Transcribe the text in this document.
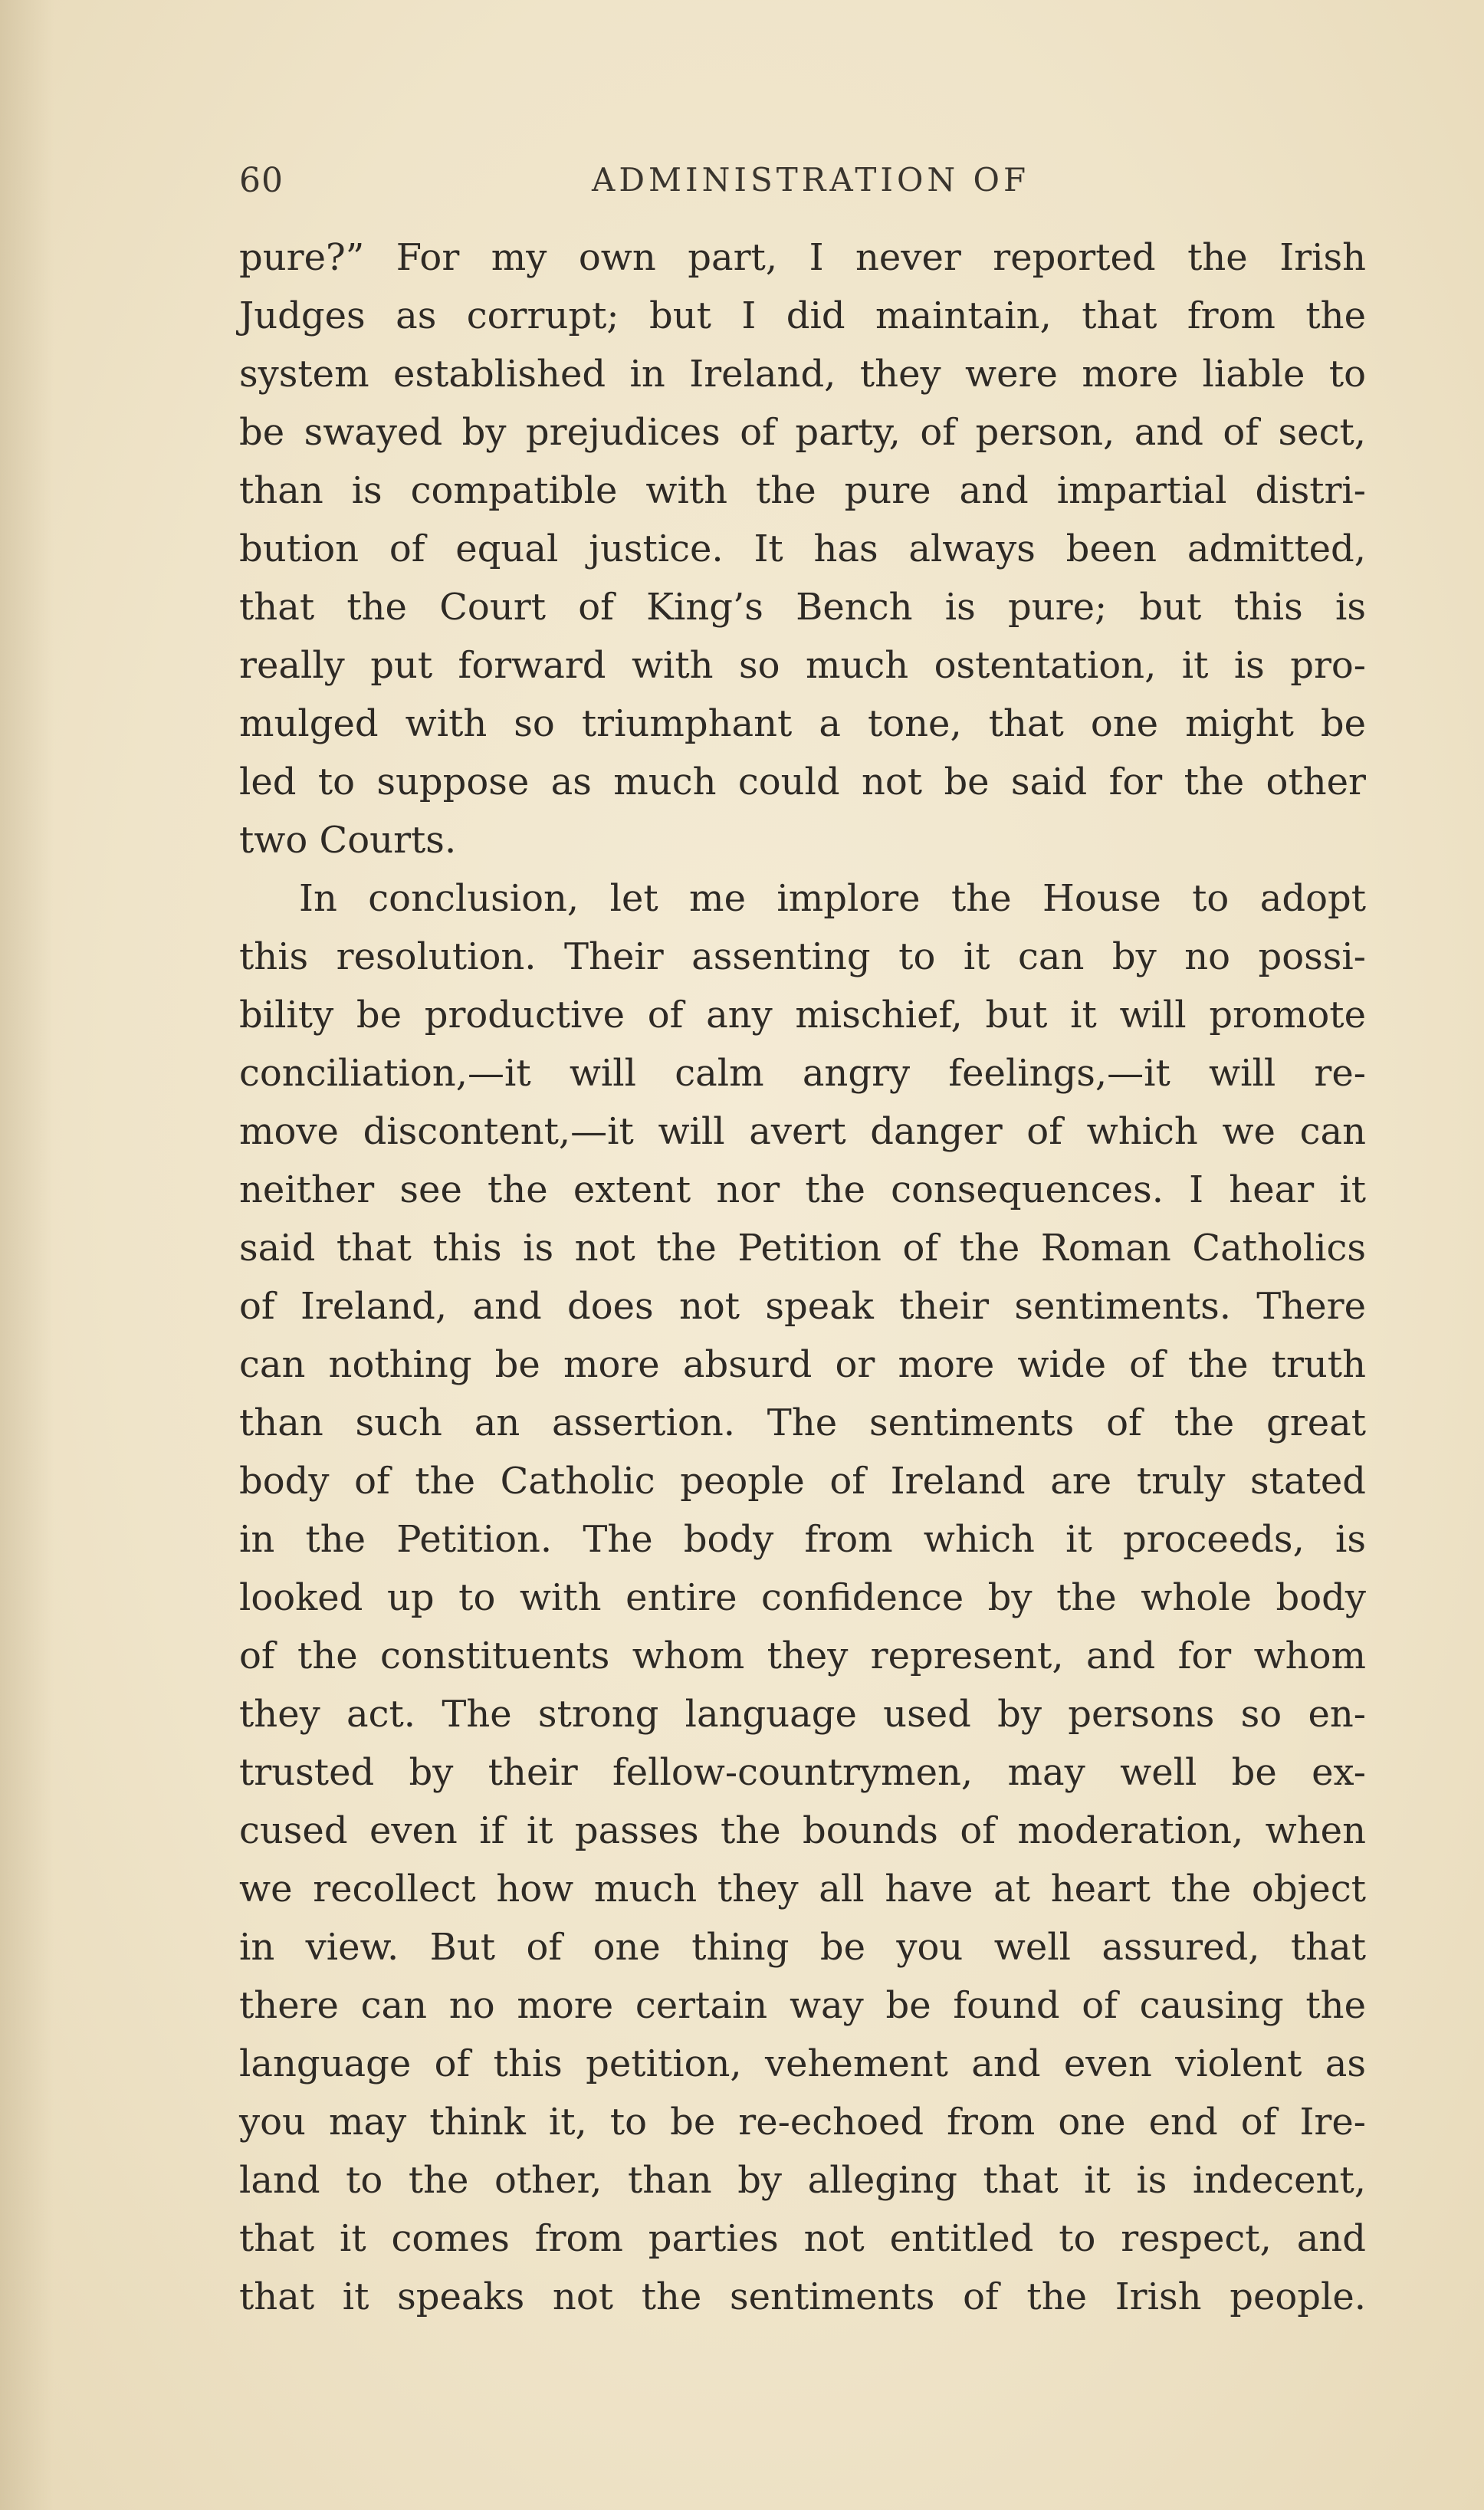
60	ADMINISTRATION OF
pure?” For my own part, I never reported the Irish
Judges as corrupt; but I did maintain, that from the
system established in Ireland, they were more liable to
be swayed by prejudices of party, of person, and of sect,
than is compatible with the pure and impartial distri-
bution of equal justice. It has always been admitted,
that the Court of King’s Bench is pure; but this is
really put forward with so much ostentation, it is pro-
mulged with so triumphant a tone, that one might be
led to suppose as much could not be said for the other
two Courts.
In conclusion, let me implore the House to adopt
this resolution. Their assenting to it can by no possi-
bility be productive of any mischief, but it will promote
conciliation,—it will calm angry feelings,—it will re-
move discontent,—it will avert danger of which we can
neither see the extent nor the consequences. I hear it
said that this is not the Petition of the Roman Catholics
of Ireland, and does not speak their sentiments. There
can nothing be more absurd or more wide of the truth
than such an assertion. The sentiments of the great
body of the Catholic people of Ireland are truly stated
in the Petition. The body from which it proceeds, is
looked up to with entire confidence by the whole body
of the constituents whom they represent, and for whom
they act. The strong language used by persons so en-
trusted by their fellow-countrymen, may well be ex-
cused even if it passes the bounds of moderation, when
we recollect how much they all have at heart the object
in view. But of one thing be you well assured, that
there can no more certain way be found of causing the
language of this petition, vehement and even violent as
you may think it, to be re-echoed from one end of Ire-
land to the other, than by alleging that it is indecent,
that it comes from parties not entitled to respect, and
that it speaks not the sentiments of the Irish people.
